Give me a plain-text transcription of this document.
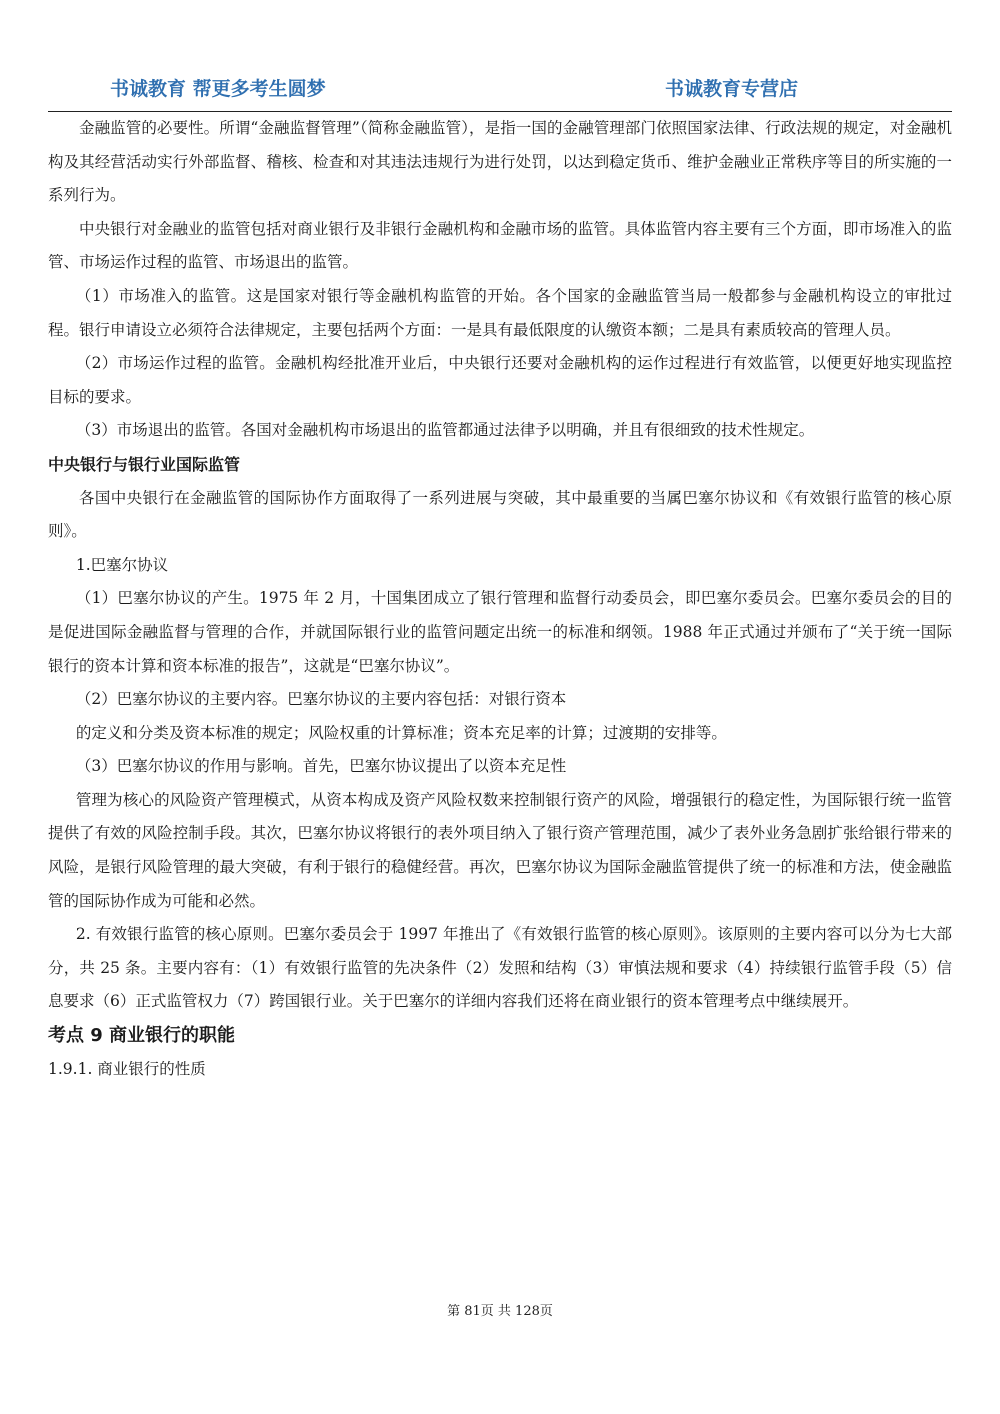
书诚教育 帮更多考生圆梦	书诚教育专营店

金融监管的必要性。所谓“金融监督管理”（简称金融监管），是指一国的金融管理部门依照国家法律、行政法规的规定，对金融机构及其经营活动实行外部监督、稽核、检查和对其违法违规行为进行处罚，以达到稳定货币、维护金融业正常秩序等目的所实施的一系列行为。

中央银行对金融业的监管包括对商业银行及非银行金融机构和金融市场的监管。具体监管内容主要有三个方面，即市场准入的监管、市场运作过程的监管、市场退出的监管。

（1）市场准入的监管。这是国家对银行等金融机构监管的开始。各个国家的金融监管当局一般都参与金融机构设立的审批过程。银行申请设立必须符合法律规定，主要包括两个方面：一是具有最低限度的认缴资本额；二是具有素质较高的管理人员。

（2）市场运作过程的监管。金融机构经批准开业后，中央银行还要对金融机构的运作过程进行有效监管，以便更好地实现监控目标的要求。

（3）市场退出的监管。各国对金融机构市场退出的监管都通过法律予以明确，并且有很细致的技术性规定。

中央银行与银行业国际监管

各国中央银行在金融监管的国际协作方面取得了一系列进展与突破，其中最重要的当属巴塞尔协议和《有效银行监管的核心原则》。

1.巴塞尔协议

（1）巴塞尔协议的产生。1975 年 2 月，十国集团成立了银行管理和监督行动委员会，即巴塞尔委员会。巴塞尔委员会的目的是促进国际金融监督与管理的合作，并就国际银行业的监管问题定出统一的标准和纲领。1988 年正式通过并颁布了“关于统一国际银行的资本计算和资本标准的报告”，这就是“巴塞尔协议”。

（2）巴塞尔协议的主要内容。巴塞尔协议的主要内容包括：对银行资本

的定义和分类及资本标准的规定；风险权重的计算标准；资本充足率的计算；过渡期的安排等。

（3）巴塞尔协议的作用与影响。首先，巴塞尔协议提出了以资本充足性

管理为核心的风险资产管理模式，从资本构成及资产风险权数来控制银行资产的风险，增强银行的稳定性，为国际银行统一监管提供了有效的风险控制手段。其次，巴塞尔协议将银行的表外项目纳入了银行资产管理范围，减少了表外业务急剧扩张给银行带来的风险，是银行风险管理的最大突破，有利于银行的稳健经营。再次，巴塞尔协议为国际金融监管提供了统一的标准和方法，使金融监管的国际协作成为可能和必然。

2. 有效银行监管的核心原则。巴塞尔委员会于 1997 年推出了《有效银行监管的核心原则》。该原则的主要内容可以分为七大部分，共 25 条。主要内容有：（1）有效银行监管的先决条件（2）发照和结构（3）审慎法规和要求（4）持续银行监管手段（5）信息要求（6）正式监管权力（7）跨国银行业。关于巴塞尔的详细内容我们还将在商业银行的资本管理考点中继续展开。

考点 9 商业银行的职能

1.9.1. 商业银行的性质

第 81页 共 128页
